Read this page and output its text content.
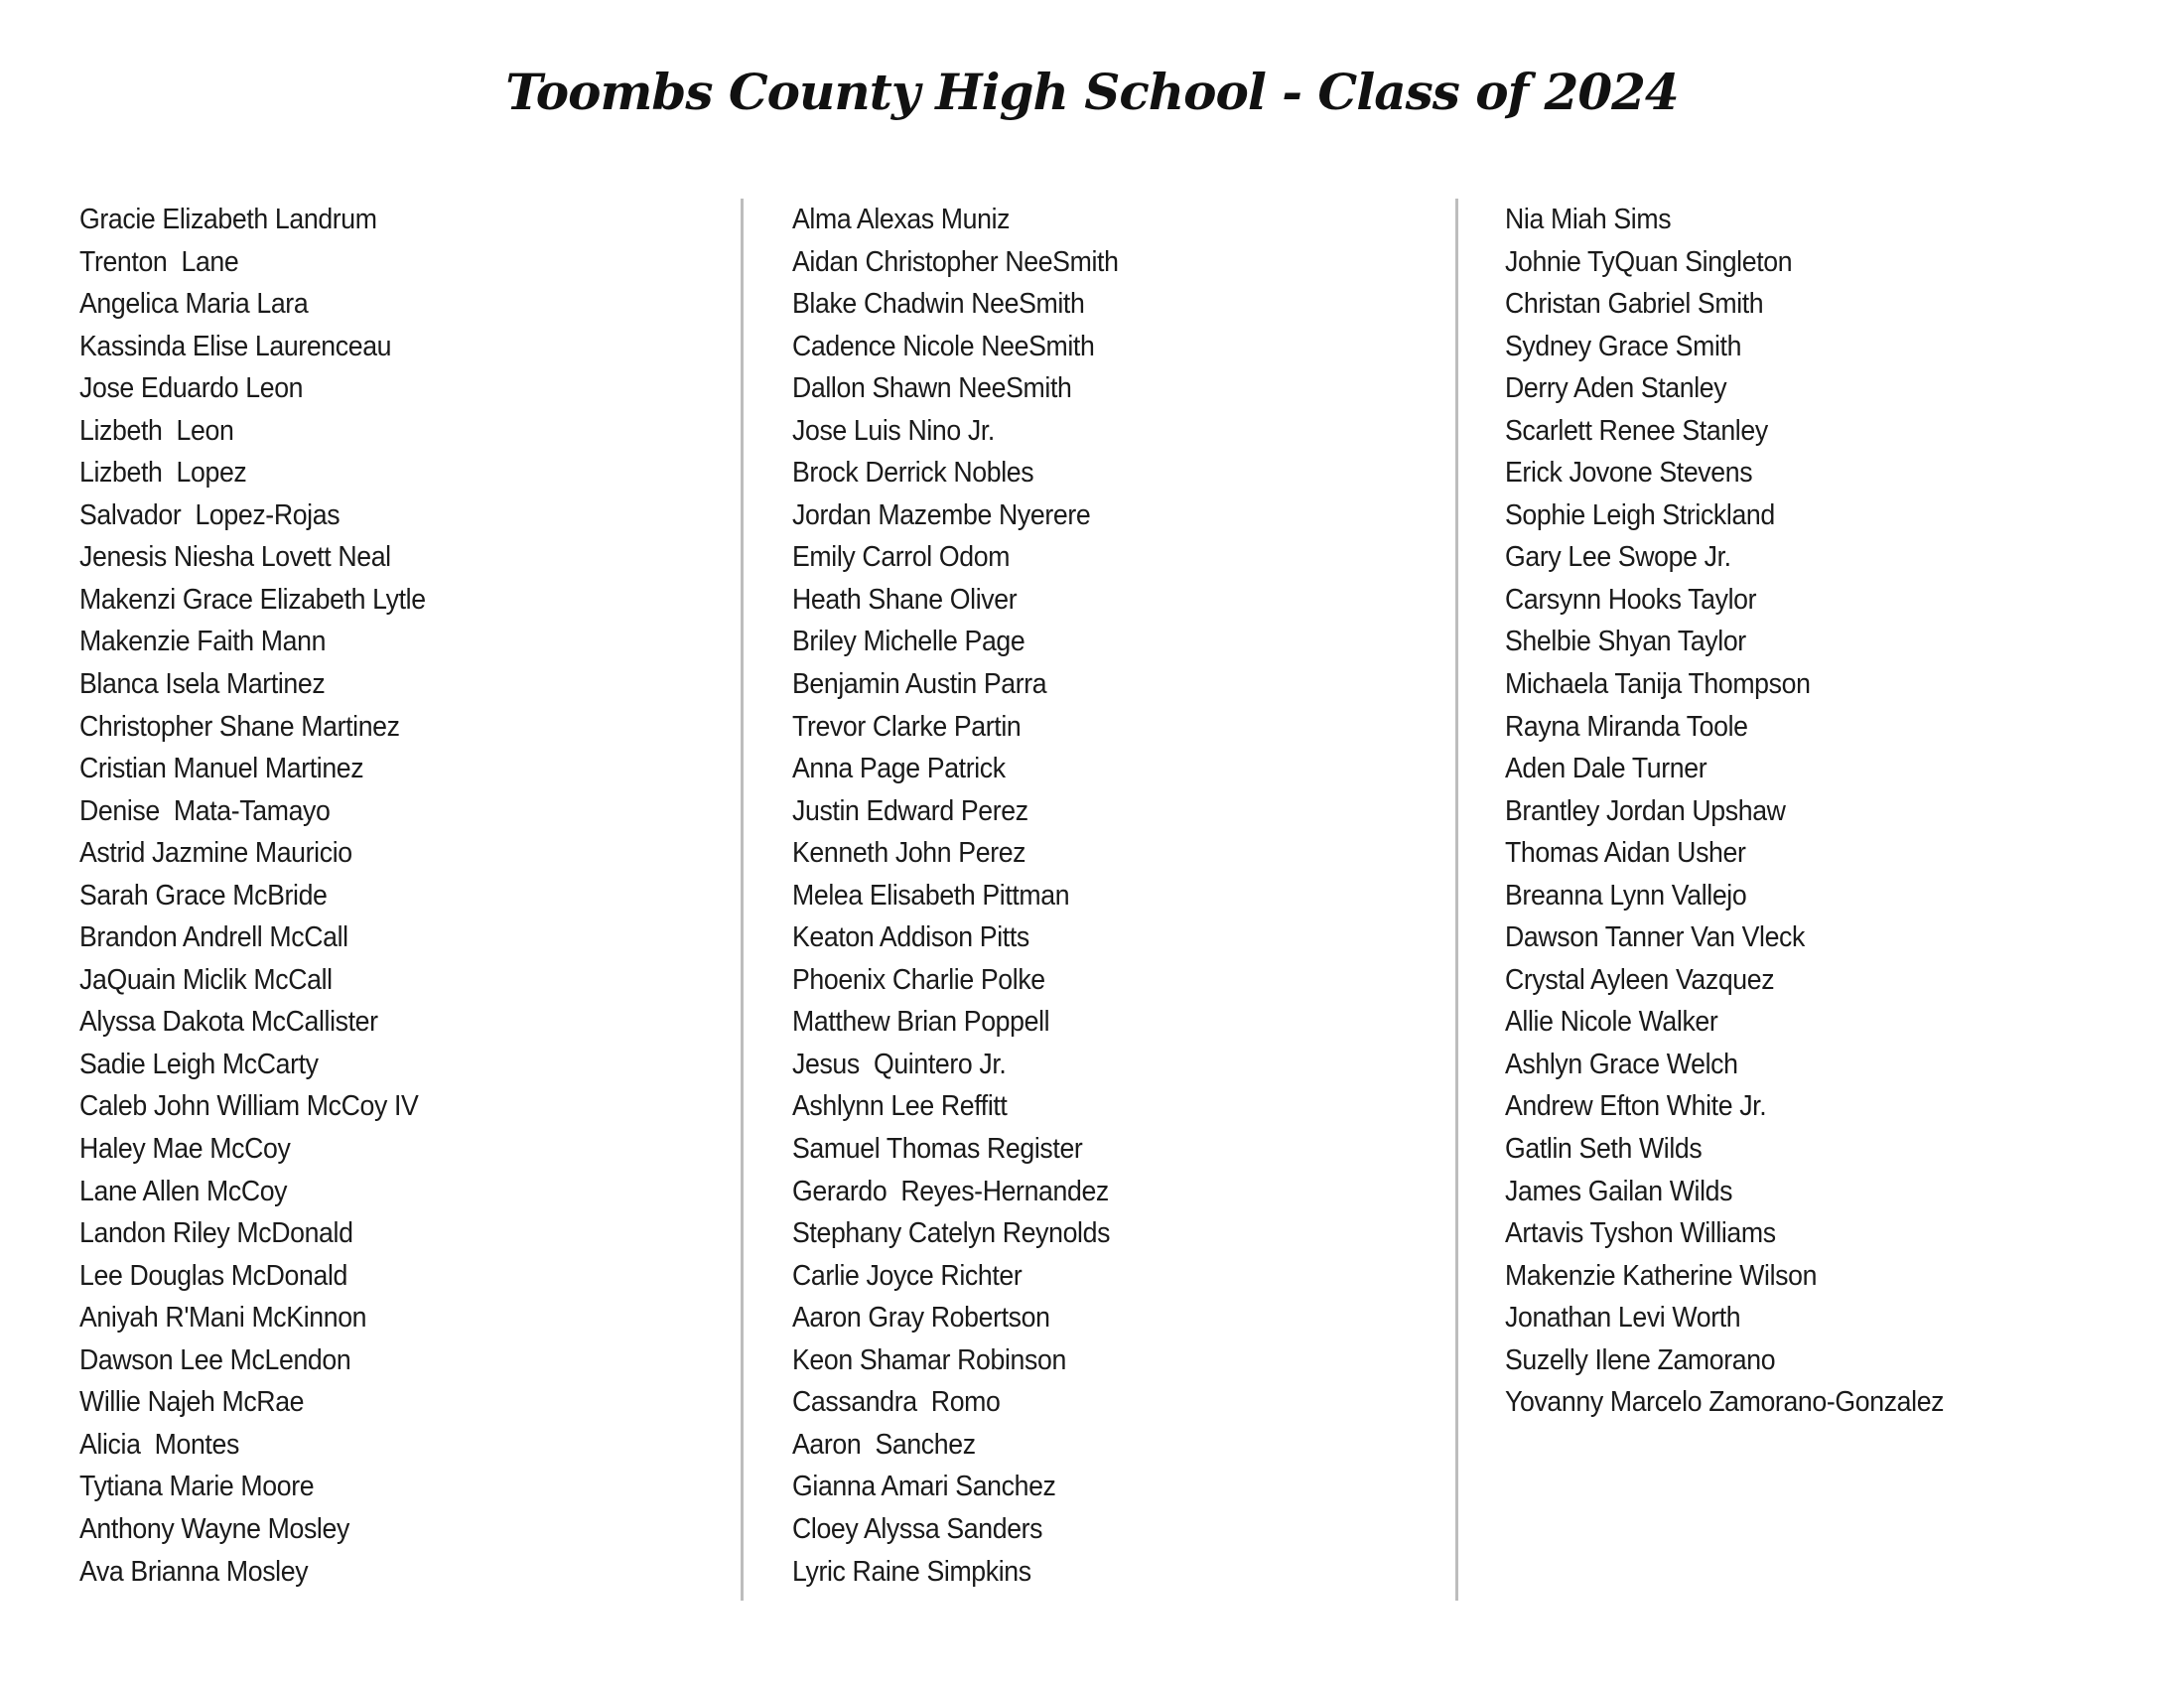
Toombs County High School - Class of 2024
Gracie Elizabeth Landrum
Trenton  Lane
Angelica Maria Lara
Kassinda Elise Laurenceau
Jose Eduardo Leon
Lizbeth  Leon
Lizbeth  Lopez
Salvador  Lopez-Rojas
Jenesis Niesha Lovett Neal
Makenzi Grace Elizabeth Lytle
Makenzie Faith Mann
Blanca Isela Martinez
Christopher Shane Martinez
Cristian Manuel Martinez
Denise  Mata-Tamayo
Astrid Jazmine Mauricio
Sarah Grace McBride
Brandon Andrell McCall
JaQuain Miclik McCall
Alyssa Dakota McCallister
Sadie Leigh McCarty
Caleb John William McCoy IV
Haley Mae McCoy
Lane Allen McCoy
Landon Riley McDonald
Lee Douglas McDonald
Aniyah R'Mani McKinnon
Dawson Lee McLendon
Willie Najeh McRae
Alicia  Montes
Tytiana Marie Moore
Anthony Wayne Mosley
Ava Brianna Mosley
Alma Alexas Muniz
Aidan Christopher NeeSmith
Blake Chadwin NeeSmith
Cadence Nicole NeeSmith
Dallon Shawn NeeSmith
Jose Luis Nino Jr.
Brock Derrick Nobles
Jordan Mazembe Nyerere
Emily Carrol Odom
Heath Shane Oliver
Briley Michelle Page
Benjamin Austin Parra
Trevor Clarke Partin
Anna Page Patrick
Justin Edward Perez
Kenneth John Perez
Melea Elisabeth Pittman
Keaton Addison Pitts
Phoenix Charlie Polke
Matthew Brian Poppell
Jesus  Quintero Jr.
Ashlynn Lee Reffitt
Samuel Thomas Register
Gerardo  Reyes-Hernandez
Stephany Catelyn Reynolds
Carlie Joyce Richter
Aaron Gray Robertson
Keon Shamar Robinson
Cassandra  Romo
Aaron  Sanchez
Gianna Amari Sanchez
Cloey Alyssa Sanders
Lyric Raine Simpkins
Nia Miah Sims
Johnie TyQuan Singleton
Christan Gabriel Smith
Sydney Grace Smith
Derry Aden Stanley
Scarlett Renee Stanley
Erick Jovone Stevens
Sophie Leigh Strickland
Gary Lee Swope Jr.
Carsynn Hooks Taylor
Shelbie Shyan Taylor
Michaela Tanija Thompson
Rayna Miranda Toole
Aden Dale Turner
Brantley Jordan Upshaw
Thomas Aidan Usher
Breanna Lynn Vallejo
Dawson Tanner Van Vleck
Crystal Ayleen Vazquez
Allie Nicole Walker
Ashlyn Grace Welch
Andrew Efton White Jr.
Gatlin Seth Wilds
James Gailan Wilds
Artavis Tyshon Williams
Makenzie Katherine Wilson
Jonathan Levi Worth
Suzelly Ilene Zamorano
Yovanny Marcelo Zamorano-Gonzalez
